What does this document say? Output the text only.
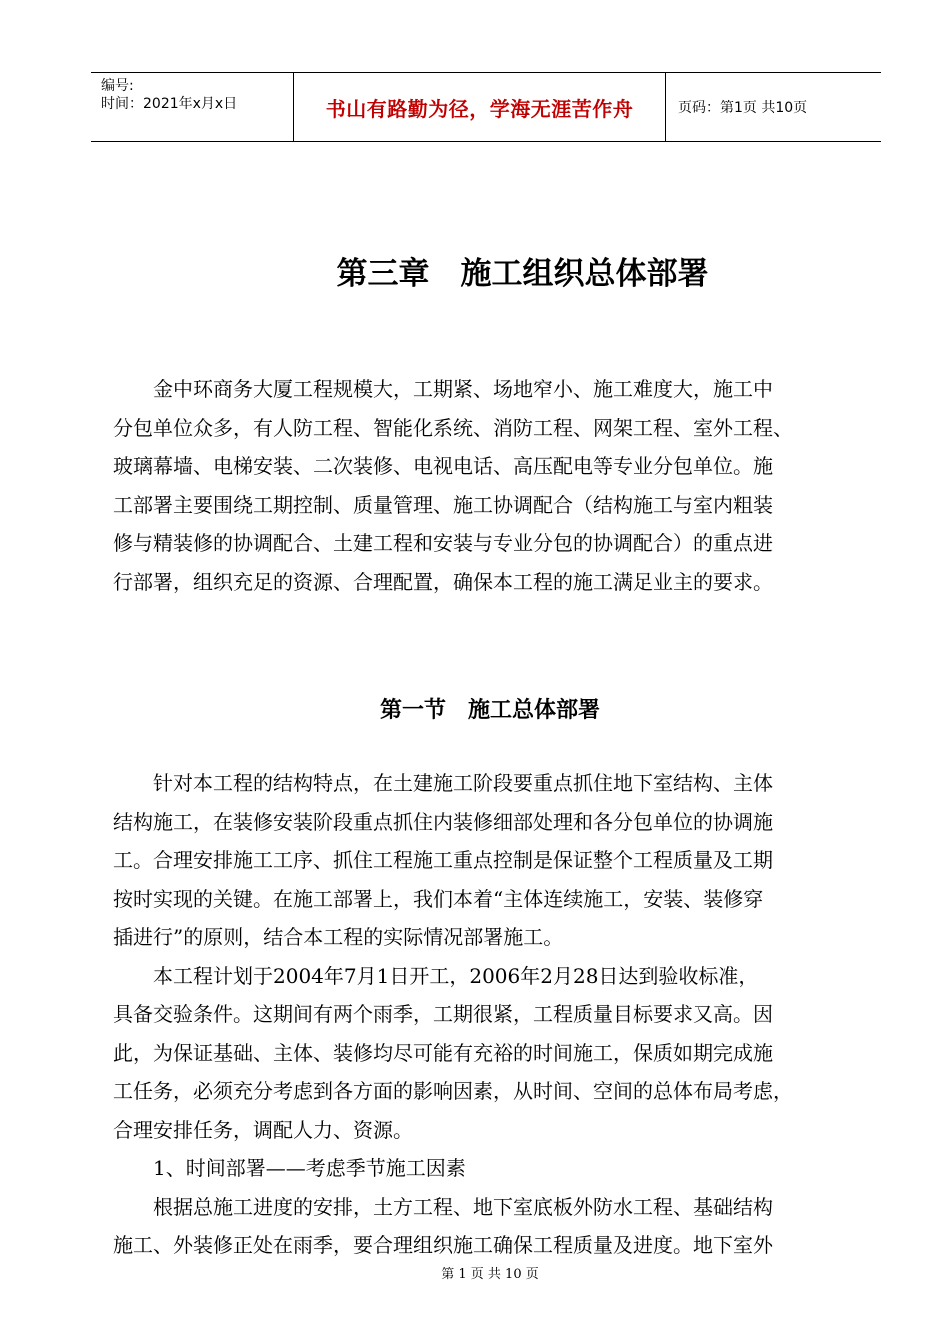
编号:
时间：2021年x月x日	书山有路勤为径，学海无涯苦作舟	页码：第1页 共10页
第三章　施工组织总体部署
　　金中环商务大厦工程规模大，工期紧、场地窄小、施工难度大，施工中
分包单位众多，有人防工程、智能化系统、消防工程、网架工程、室外工程、
玻璃幕墙、电梯安装、二次装修、电视电话、高压配电等专业分包单位。施
工部署主要围绕工期控制、质量管理、施工协调配合（结构施工与室内粗装
修与精装修的协调配合、土建工程和安装与专业分包的协调配合）的重点进
行部署，组织充足的资源、合理配置，确保本工程的施工满足业主的要求。
第一节　施工总体部署
　　针对本工程的结构特点，在土建施工阶段要重点抓住地下室结构、主体
结构施工，在装修安装阶段重点抓住内装修细部处理和各分包单位的协调施
工。合理安排施工工序、抓住工程施工重点控制是保证整个工程质量及工期
按时实现的关键。在施工部署上，我们本着“主体连续施工，安装、装修穿
插进行”的原则，结合本工程的实际情况部署施工。
　　本工程计划于2004年7月1日开工，2006年2月28日达到验收标准，
具备交验条件。这期间有两个雨季，工期很紧，工程质量目标要求又高。因
此，为保证基础、主体、装修均尽可能有充裕的时间施工，保质如期完成施
工任务，必须充分考虑到各方面的影响因素，从时间、空间的总体布局考虑，
合理安排任务，调配人力、资源。
　　1、时间部署——考虑季节施工因素
　　根据总施工进度的安排，土方工程、地下室底板外防水工程、基础结构
施工、外装修正处在雨季，要合理组织施工确保工程质量及进度。地下室外
第 1 页 共 10 页
